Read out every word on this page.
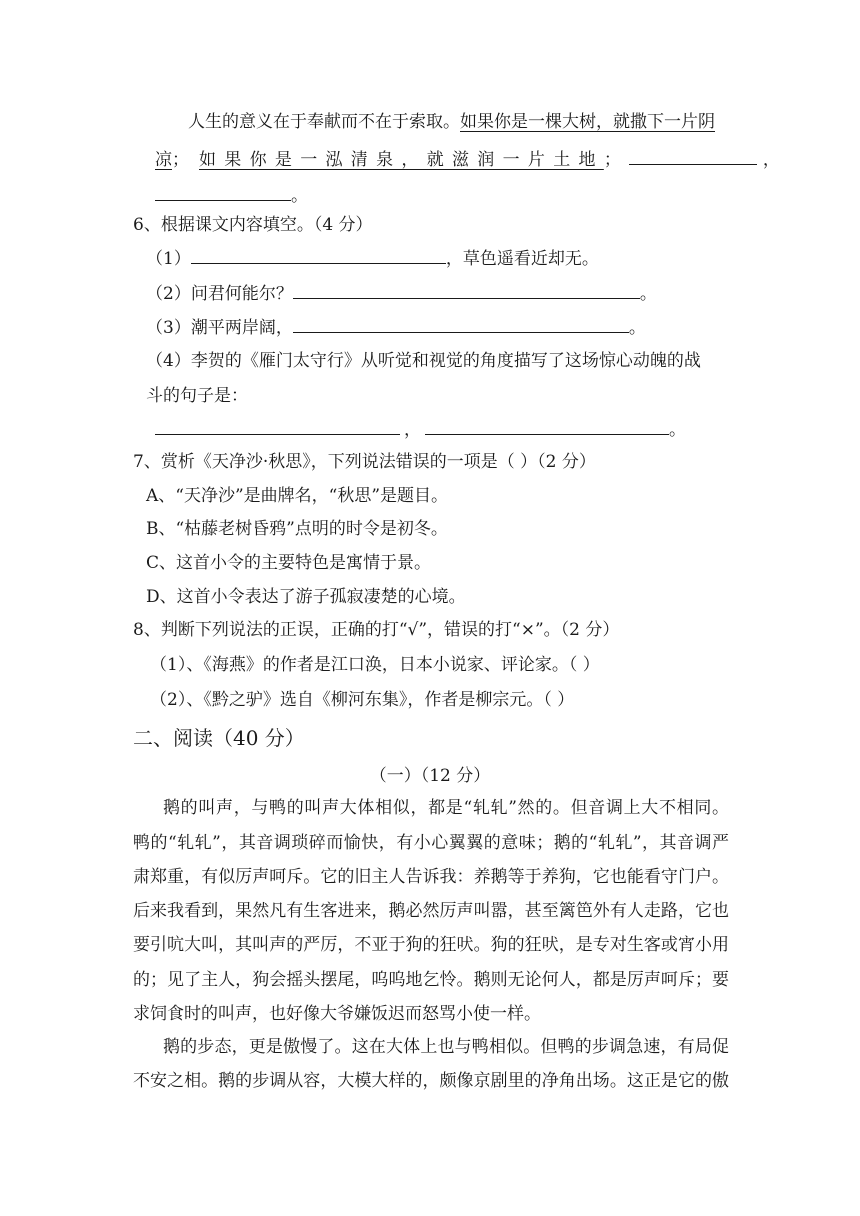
人生的意义在于奉献而不在于索取。如果你是一棵大树，就撒下一片阴
凉； 如果你是一泓清泉，就滋润一片土地；	，
。
6、根据课文内容填空。（4 分）
（1）	，草色遥看近却无。
（2）问君何能尔？	。
（3）潮平两岸阔，	。
（4）李贺的《雁门太守行》从听觉和视觉的角度描写了这场惊心动魄的战
斗的句子是：
，	。
7、赏析《天净沙·秋思》，下列说法错误的一项是（ ）（2 分）
A、“天净沙”是曲牌名，“秋思”是题目。
B、“枯藤老树昏鸦”点明的时令是初冬。
C、这首小令的主要特色是寓情于景。
D、这首小令表达了游子孤寂凄楚的心境。
8、判断下列说法的正误，正确的打“√”，错误的打“×”。（2 分）
（1）、《海燕》的作者是江口涣，日本小说家、评论家。（ ）
（2）、《黔之驴》选自《柳河东集》，作者是柳宗元。（ ）
二、阅读（40 分）
（一）（12 分）
鹅的叫声，与鸭的叫声大体相似，都是“轧轧”然的。但音调上大不相同。
鸭的“轧轧”，其音调琐碎而愉快，有小心翼翼的意味；鹅的“轧轧”，其音调严
肃郑重，有似厉声呵斥。它的旧主人告诉我：养鹅等于养狗，它也能看守门户。
后来我看到，果然凡有生客进来，鹅必然厉声叫嚣，甚至篱笆外有人走路，它也
要引吭大叫，其叫声的严厉，不亚于狗的狂吠。狗的狂吠，是专对生客或宵小用
的；见了主人，狗会摇头摆尾，呜呜地乞怜。鹅则无论何人，都是厉声呵斥；要
求饲食时的叫声，也好像大爷嫌饭迟而怒骂小使一样。
鹅的步态，更是傲慢了。这在大体上也与鸭相似。但鸭的步调急速，有局促
不安之相。鹅的步调从容，大模大样的，颇像京剧里的净角出场。这正是它的傲
